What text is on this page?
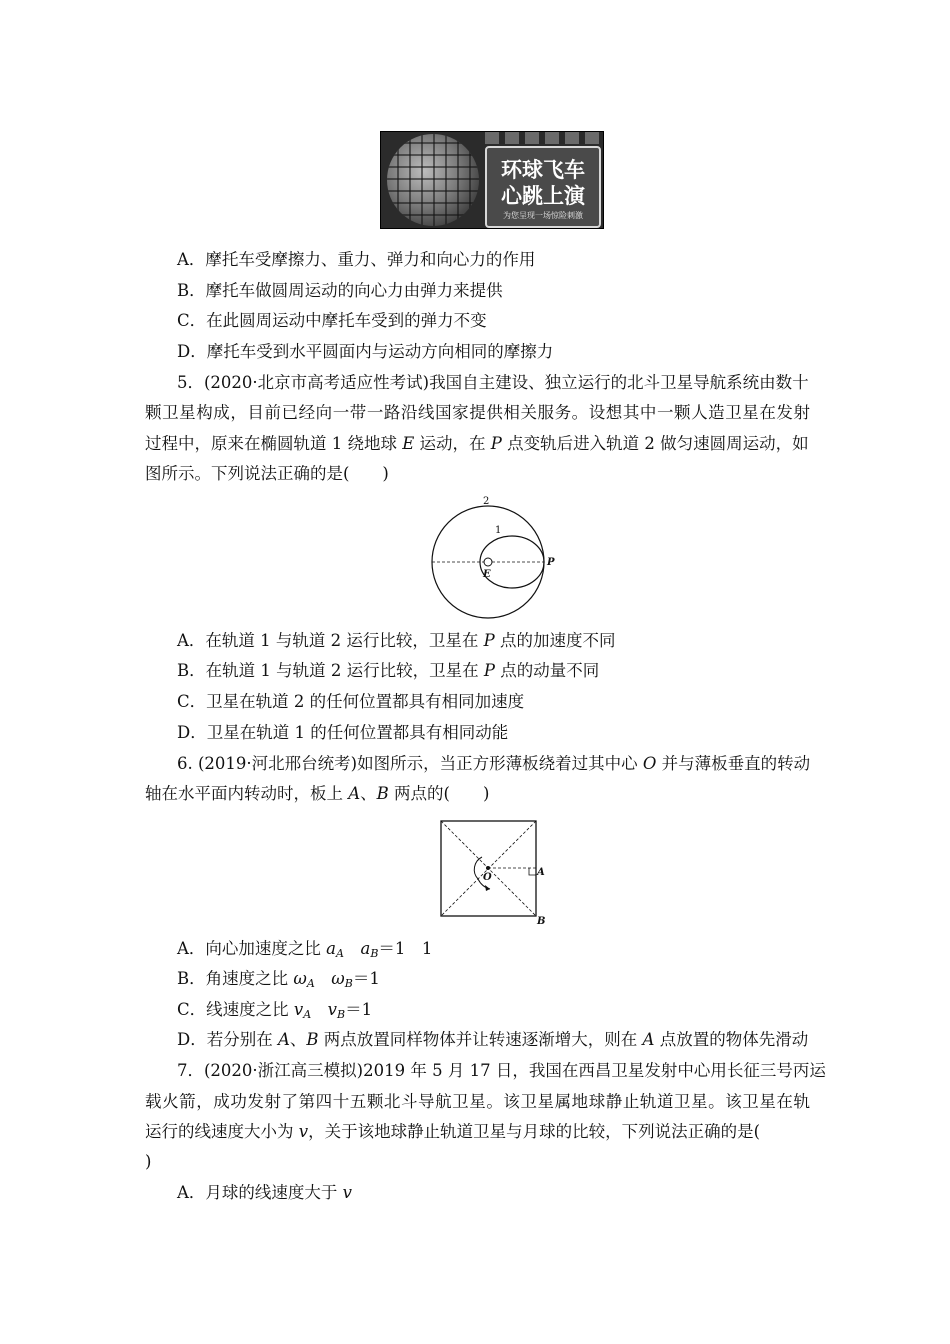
环球飞车
心跳上演
为您呈现一场惊险刺激
A．摩托车受摩擦力、重力、弹力和向心力的作用
B．摩托车做圆周运动的向心力由弹力来提供
C．在此圆周运动中摩托车受到的弹力不变
D．摩托车受到水平圆面内与运动方向相同的摩擦力
5．(2020·北京市高考适应性考试)我国自主建设、独立运行的北斗卫星导航系统由数十
颗卫星构成，目前已经向一带一路沿线国家提供相关服务。设想其中一颗人造卫星在发射
过程中，原来在椭圆轨道 1 绕地球 E 运动，在 P 点变轨后进入轨道 2 做匀速圆周运动，如
图所示。下列说法正确的是(　　)
2
1
E
P
A．在轨道 1 与轨道 2 运行比较，卫星在 P 点的加速度不同
B．在轨道 1 与轨道 2 运行比较，卫星在 P 点的动量不同
C．卫星在轨道 2 的任何位置都具有相同加速度
D．卫星在轨道 1 的任何位置都具有相同动能
6. (2019·河北邢台统考)如图所示，当正方形薄板绕着过其中心 O 并与薄板垂直的转动
轴在水平面内转动时，板上 A、B 两点的(　　)
O	A
B
A．向心加速度之比 $a_A$　 $a_B=1$　1
B．角速度之比 $\omega_A$　 $\omega_B=1$
C．线速度之比 $v_A$　 $v_B=1$
D．若分别在 A、B 两点放置同样物体并让转速逐渐增大，则在 A 点放置的物体先滑动
7．(2020·浙江高三模拟)2019 年 5 月 17 日，我国在西昌卫星发射中心用长征三号丙运
载火箭，成功发射了第四十五颗北斗导航卫星。该卫星属地球静止轨道卫星。该卫星在轨
运行的线速度大小为 v，关于该地球静止轨道卫星与月球的比较，下列说法正确的是(
)
A．月球的线速度大于 v
